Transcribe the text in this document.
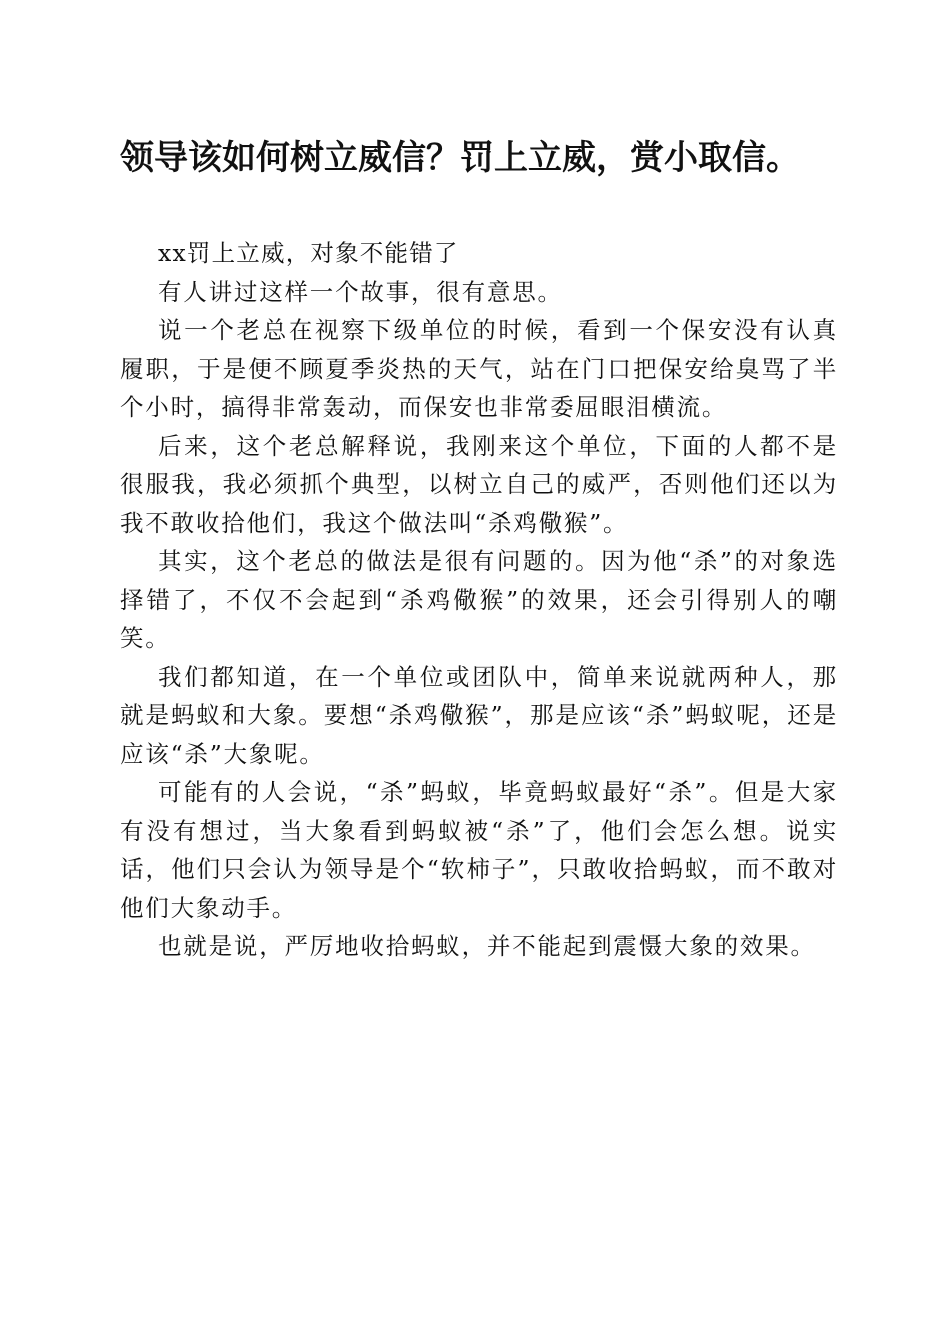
领导该如何树立威信？罚上立威，赏小取信。

xx罚上立威，对象不能错了

有人讲过这样一个故事，很有意思。

说一个老总在视察下级单位的时候，看到一个保安没有认真履职，于是便不顾夏季炎热的天气，站在门口把保安给臭骂了半个小时，搞得非常轰动，而保安也非常委屈眼泪横流。

后来，这个老总解释说，我刚来这个单位，下面的人都不是很服我，我必须抓个典型，以树立自己的威严，否则他们还以为我不敢收拾他们，我这个做法叫“杀鸡儆猴”。

其实，这个老总的做法是很有问题的。因为他“杀”的对象选择错了，不仅不会起到“杀鸡儆猴”的效果，还会引得别人的嘲笑。

我们都知道，在一个单位或团队中，简单来说就两种人，那就是蚂蚁和大象。要想“杀鸡儆猴”，那是应该“杀”蚂蚁呢，还是应该“杀”大象呢。

可能有的人会说，“杀”蚂蚁，毕竟蚂蚁最好“杀”。但是大家有没有想过，当大象看到蚂蚁被“杀”了，他们会怎么想。说实话，他们只会认为领导是个“软柿子”，只敢收拾蚂蚁，而不敢对他们大象动手。

也就是说，严厉地收拾蚂蚁，并不能起到震慑大象的效果。
